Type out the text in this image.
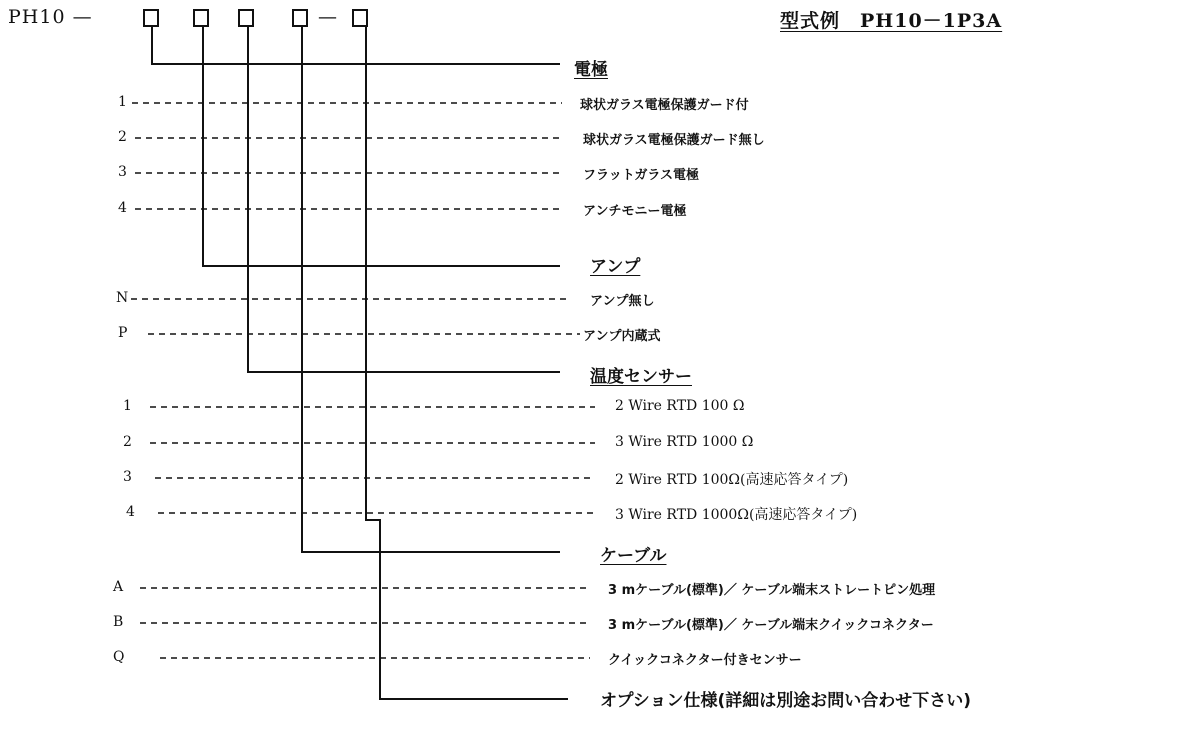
PH10 —	—	型式例　PH10－1P3A
電極
1	球状ガラス電極保護ガード付
2	球状ガラス電極保護ガード無し
3	フラットガラス電極
4	アンチモニー電極
アンプ
N	アンプ無し
P	アンプ内蔵式
温度センサー
1	2 Wire RTD 100 Ω
2	3 Wire RTD 1000 Ω
3	2 Wire RTD 100Ω(高速応答タイプ)
4	3 Wire RTD 1000Ω(高速応答タイプ)
ケーブル
A	3 mケーブル(標準)／ ケーブル端末ストレートピン処理
B	3 mケーブル(標準)／ ケーブル端末クイックコネクター
Q	クイックコネクター付きセンサー
オプション仕様(詳細は別途お問い合わせ下さい)
